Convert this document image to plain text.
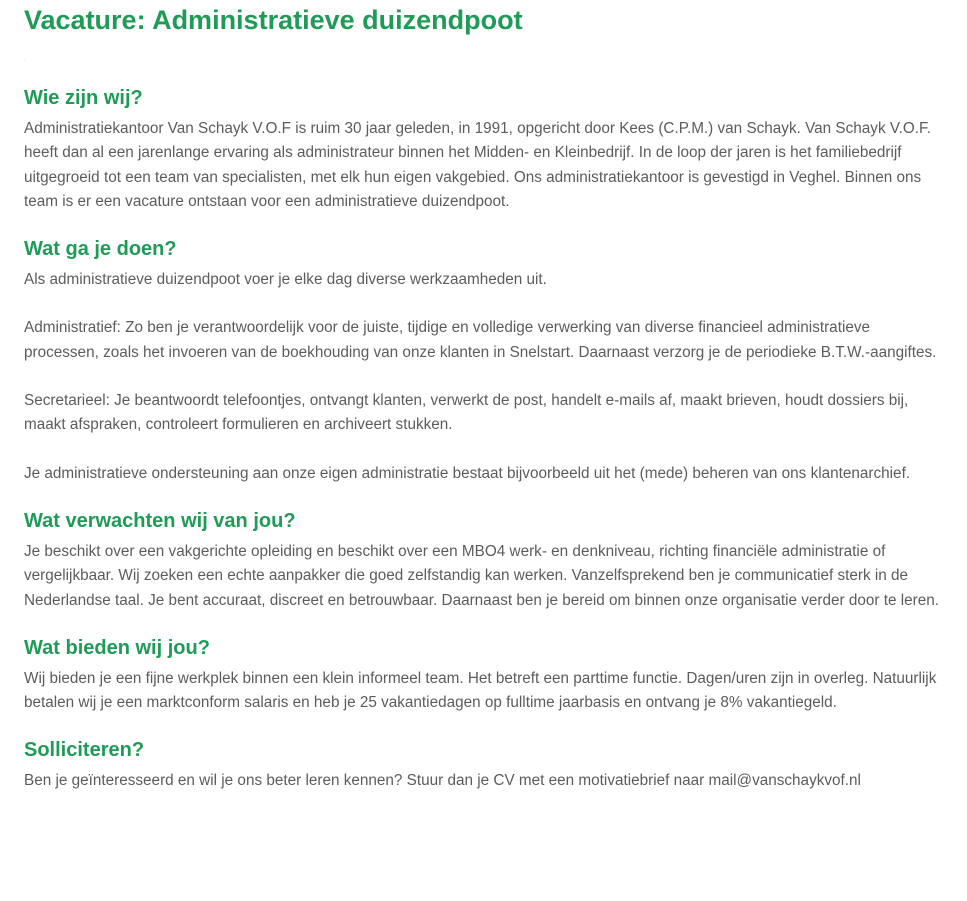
Vacature: Administratieve duizendpoot
.
Wie zijn wij?

Administratiekantoor Van Schayk V.O.F is ruim 30 jaar geleden, in 1991, opgericht door Kees (C.P.M.) van Schayk. Van Schayk V.O.F. heeft dan al een jarenlange ervaring als administrateur binnen het Midden- en Kleinbedrijf. In de loop der jaren is het familiebedrijf uitgegroeid tot een team van specialisten, met elk hun eigen vakgebied. Ons administratiekantoor is gevestigd in Veghel. Binnen ons team is er een vacature ontstaan voor een administratieve duizendpoot.

Wat ga je doen?

Als administratieve duizendpoot voer je elke dag diverse werkzaamheden uit.

Administratief: Zo ben je verantwoordelijk voor de juiste, tijdige en volledige verwerking van diverse financieel administratieve processen, zoals het invoeren van de boekhouding van onze klanten in Snelstart. Daarnaast verzorg je de periodieke B.T.W.-aangiftes.

Secretarieel: Je beantwoordt telefoontjes, ontvangt klanten, verwerkt de post, handelt e-mails af, maakt brieven, houdt dossiers bij, maakt afspraken, controleert formulieren en archiveert stukken.

Je administratieve ondersteuning aan onze eigen administratie bestaat bijvoorbeeld uit het (mede) beheren van ons klantenarchief.

Wat verwachten wij van jou?

Je beschikt over een vakgerichte opleiding en beschikt over een MBO4 werk- en denkniveau, richting financiële administratie of vergelijkbaar. Wij zoeken een echte aanpakker die goed zelfstandig kan werken. Vanzelfsprekend ben je communicatief sterk in de Nederlandse taal. Je bent accuraat, discreet en betrouwbaar. Daarnaast ben je bereid om binnen onze organisatie verder door te leren.

Wat bieden wij jou?

Wij bieden je een fijne werkplek binnen een klein informeel team. Het betreft een parttime functie. Dagen/uren zijn in overleg. Natuurlijk betalen wij je een marktconform salaris en heb je 25 vakantiedagen op fulltime jaarbasis en ontvang je 8% vakantiegeld.

Solliciteren?

Ben je geïnteresseerd en wil je ons beter leren kennen? Stuur dan je CV met een motivatiebrief naar mail@vanschaykvof.nl
